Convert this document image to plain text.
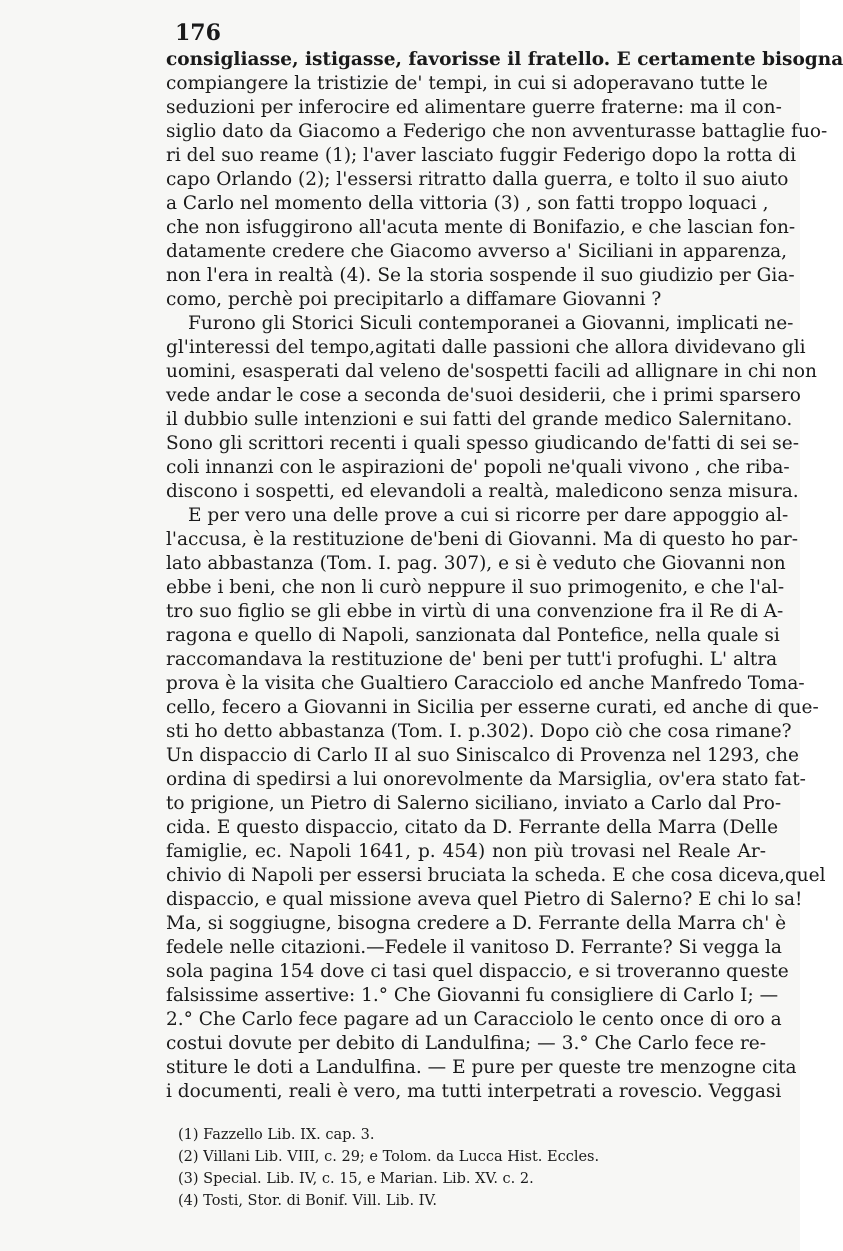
176
consigliasse, istigasse, favorisse il fratello. E certamente bisogna
compiangere la tristizie de' tempi, in cui si adoperavano tutte le
seduzioni per inferocire ed alimentare guerre fraterne: ma il con-
siglio dato da Giacomo a Federigo che non avventurasse battaglie fuo-
ri del suo reame (1); l'aver lasciato fuggir Federigo dopo la rotta di
capo Orlando (2); l'essersi ritratto dalla guerra, e tolto il suo aiuto
a Carlo nel momento della vittoria (3) , son fatti troppo loquaci ,
che non isfuggirono all'acuta mente di Bonifazio, e che lascian fon-
datamente credere che Giacomo avverso a' Siciliani in apparenza,
non l'era in realtà (4). Se la storia sospende il suo giudizio per Gia-
como, perchè poi precipitarlo a diffamare Giovanni ?
Furono gli Storici Siculi contemporanei a Giovanni, implicati ne-
gl'interessi del tempo,agitati dalle passioni che allora dividevano gli
uomini, esasperati dal veleno de'sospetti facili ad allignare in chi non
vede andar le cose a seconda de'suoi desiderii, che i primi sparsero
il dubbio sulle intenzioni e sui fatti del grande medico Salernitano.
Sono gli scrittori recenti i quali spesso giudicando de'fatti di sei se-
coli innanzi con le aspirazioni de' popoli ne'quali vivono , che riba-
discono i sospetti, ed elevandoli a realtà, maledicono senza misura.
E per vero una delle prove a cui si ricorre per dare appoggio al-
l'accusa, è la restituzione de'beni di Giovanni. Ma di questo ho par-
lato abbastanza (Tom. I. pag. 307), e si è veduto che Giovanni non
ebbe i beni, che non li curò neppure il suo primogenito, e che l'al-
tro suo figlio se gli ebbe in virtù di una convenzione fra il Re di A-
ragona e quello di Napoli, sanzionata dal Pontefice, nella quale si
raccomandava la restituzione de' beni per tutt'i profughi. L' altra
prova è la visita che Gualtiero Caracciolo ed anche Manfredo Toma-
cello, fecero a Giovanni in Sicilia per esserne curati, ed anche di que-
sti ho detto abbastanza (Tom. I. p.302). Dopo ciò che cosa rimane?
Un dispaccio di Carlo II al suo Siniscalco di Provenza nel 1293, che
ordina di spedirsi a lui onorevolmente da Marsiglia, ov'era stato fat-
to prigione, un Pietro di Salerno siciliano, inviato a Carlo dal Pro-
cida. E questo dispaccio, citato da D. Ferrante della Marra (Delle
famiglie, ec. Napoli 1641, p. 454) non più trovasi nel Reale Ar-
chivio di Napoli per essersi bruciata la scheda. E che cosa diceva,quel
dispaccio, e qual missione aveva quel Pietro di Salerno? E chi lo sa!
Ma, si soggiugne, bisogna credere a D. Ferrante della Marra ch' è
fedele nelle citazioni.—Fedele il vanitoso D. Ferrante? Si vegga la
sola pagina 154 dove ci tasi quel dispaccio, e si troveranno queste
falsissime assertive: 1.° Che Giovanni fu consigliere di Carlo I; —
2.° Che Carlo fece pagare ad un Caracciolo le cento once di oro a
costui dovute per debito di Landulfina; — 3.° Che Carlo fece re-
stiture le doti a Landulfina. — E pure per queste tre menzogne cita
i documenti, reali è vero, ma tutti interpetrati a rovescio. Veggasi
(1) Fazzello Lib. IX. cap. 3.
(2) Villani Lib. VIII, c. 29; e Tolom. da Lucca Hist. Eccles.
(3) Special. Lib. IV, c. 15, e Marian. Lib. XV. c. 2.
(4) Tosti, Stor. di Bonif. Vill. Lib. IV.
